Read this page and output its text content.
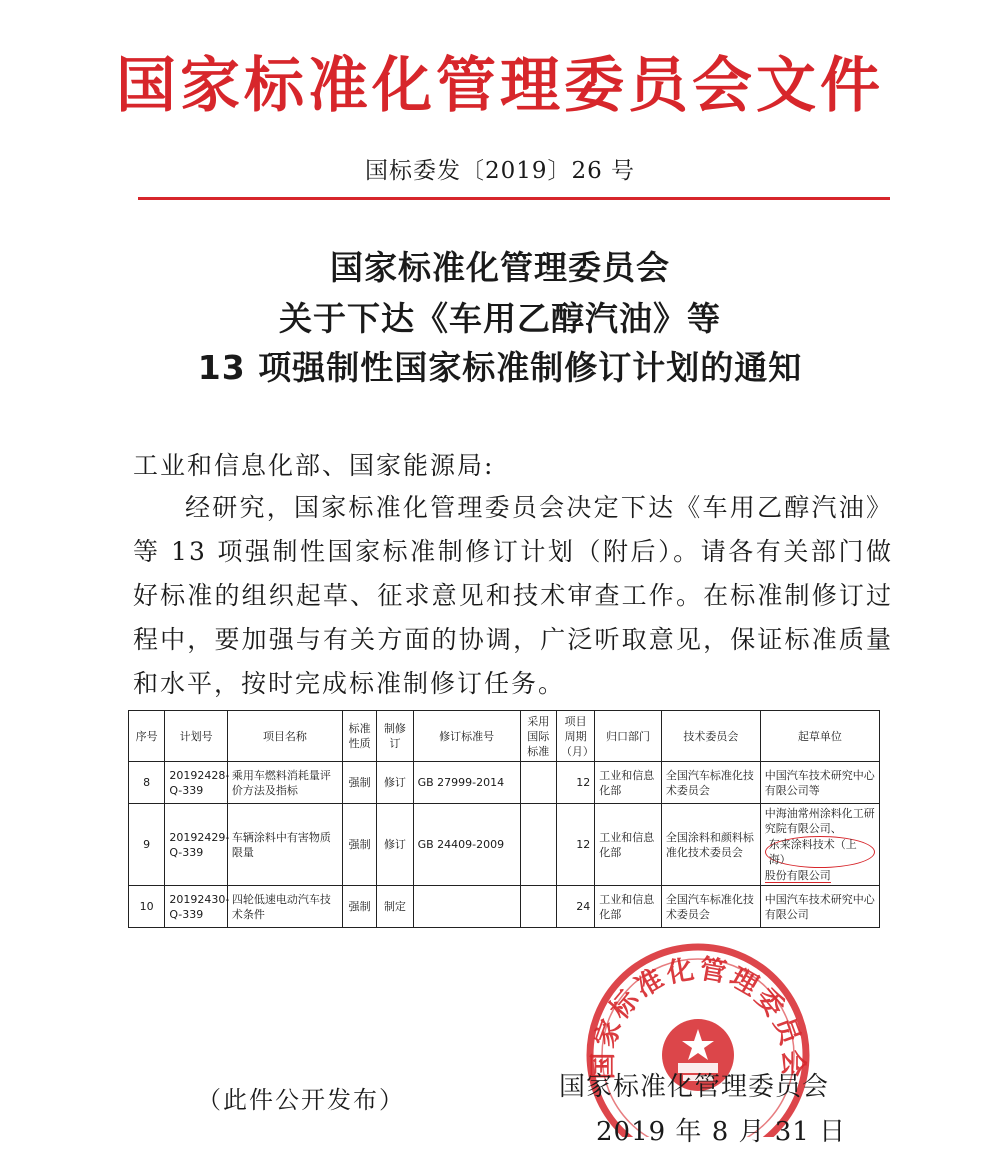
国家标准化管理委员会文件
国标委发〔2019〕26 号
国家标准化管理委员会
关于下达《车用乙醇汽油》等
13 项强制性国家标准制修订计划的通知
工业和信息化部、国家能源局:
经研究，国家标准化管理委员会决定下达《车用乙醇汽油》等 13 项强制性国家标准制修订计划（附后）。请各有关部门做好标准的组织起草、征求意见和技术审查工作。在标准制修订过程中，要加强与有关方面的协调，广泛听取意见，保证标准质量和水平，按时完成标准制修订任务。
序号	计划号	项目名称	标准性质	制修订	修订标准号	采用国际标准	项目周期（月）	归口部门	技术委员会	起草单位
8	20192428-Q-339	乘用车燃料消耗量评价方法及指标	强制	修订	GB 27999-2014		12	工业和信息化部	全国汽车标准化技术委员会	中国汽车技术研究中心有限公司等
9	20192429-Q-339	车辆涂料中有害物质限量	强制	修订	GB 24409-2009		12	工业和信息化部	全国涂料和颜料标准化技术委员会	中海油常州涂料化工研究院有限公司、东来涂料技术（上海）
股份有限公司
10	20192430-Q-339	四轮低速电动汽车技术条件	强制	制定			24	工业和信息化部	全国汽车标准化技术委员会	中国汽车技术研究中心有限公司
国家标准化管理委员会
（此件公开发布）	国家标准化管理委员会
2019 年 8 月 31 日
